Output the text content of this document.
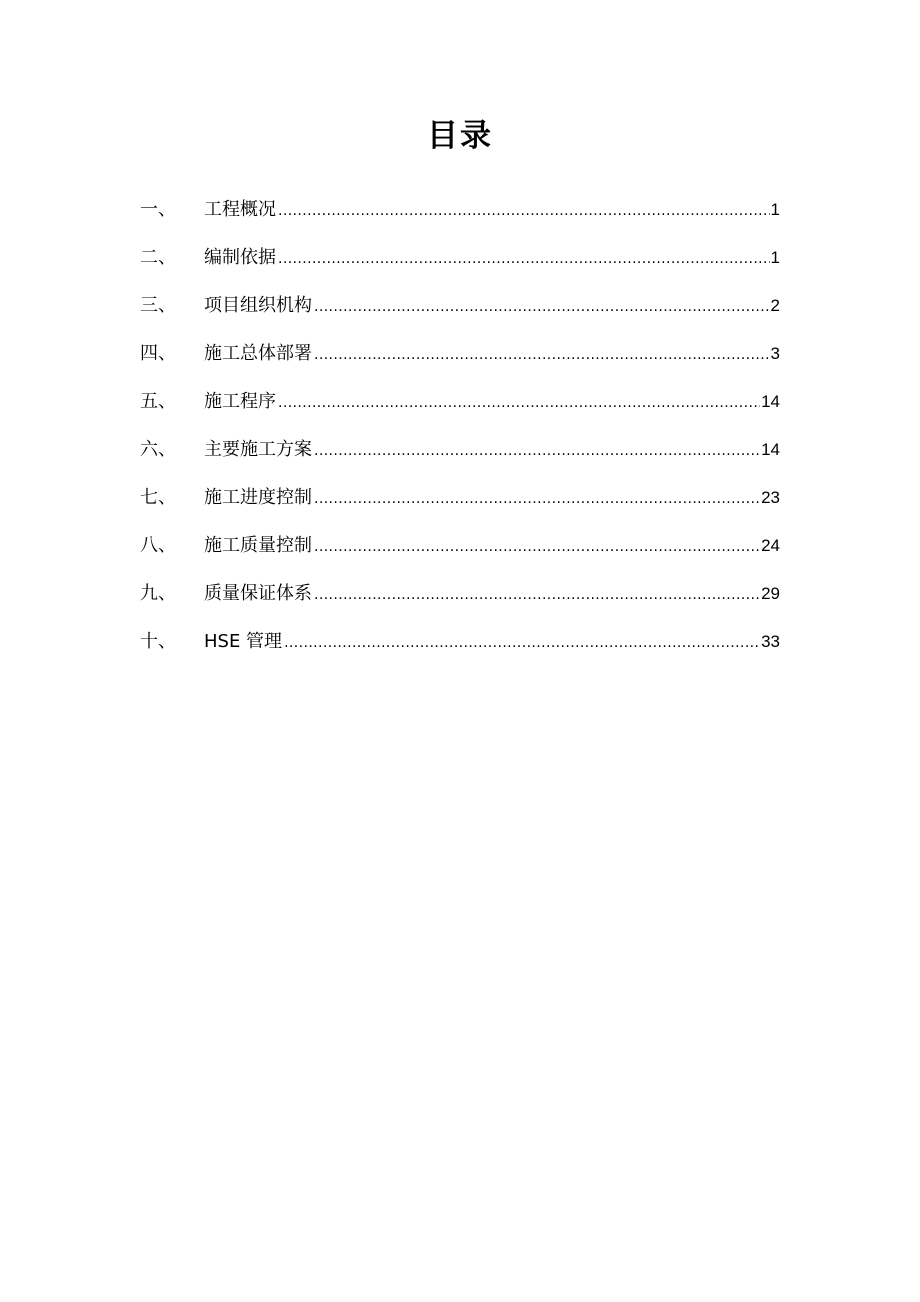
目录
一、	工程概况 .....	1
二、	编制依据 .....	1
三、	项目组织机构 .....	2
四、	施工总体部署 .....	3
五、	施工程序 .....	14
六、	主要施工方案 .....	14
七、	施工进度控制 .....	23
八、	施工质量控制 .....	24
九、	质量保证体系 .....	29
十、	HSE 管理 .....	33
